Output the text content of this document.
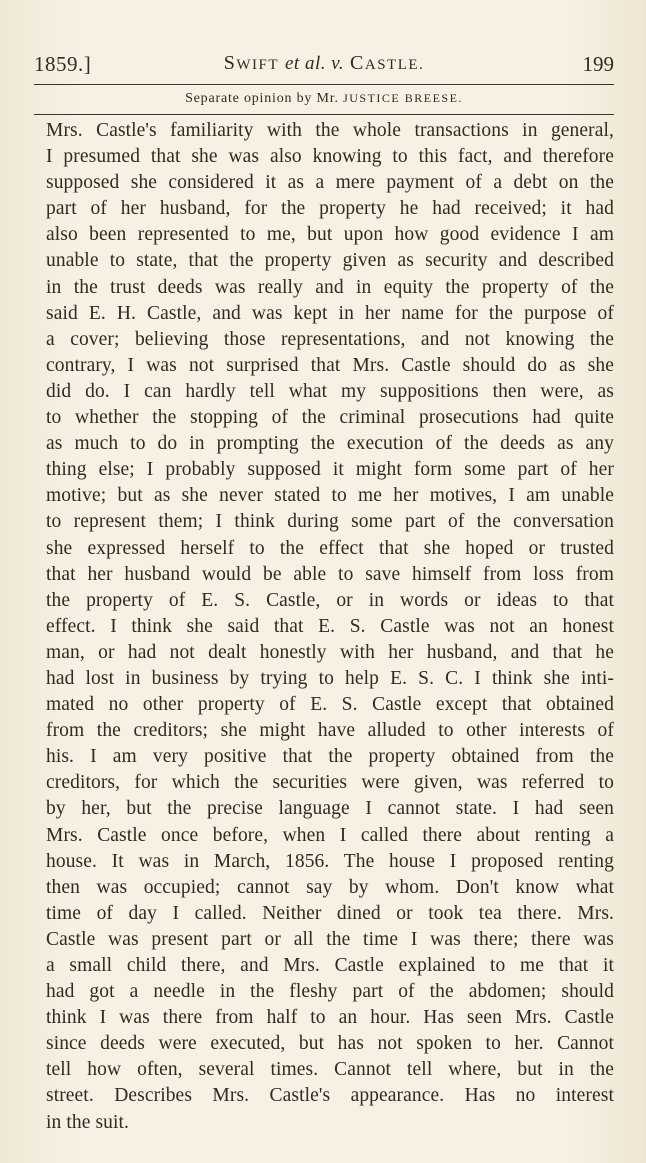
1859.]	SWIFT et al. v. CASTLE.	199
Separate opinion by Mr. JUSTICE BREESE.
Mrs. Castle's familiarity with the whole transactions in general,
I presumed that she was also knowing to this fact, and therefore
supposed she considered it as a mere payment of a debt on the
part of her husband, for the property he had received; it had
also been represented to me, but upon how good evidence I am
unable to state, that the property given as security and described
in the trust deeds was really and in equity the property of the
said E. H. Castle, and was kept in her name for the purpose of
a cover; believing those representations, and not knowing the
contrary, I was not surprised that Mrs. Castle should do as she
did do. I can hardly tell what my suppositions then were, as
to whether the stopping of the criminal prosecutions had quite
as much to do in prompting the execution of the deeds as any
thing else; I probably supposed it might form some part of her
motive; but as she never stated to me her motives, I am unable
to represent them; I think during some part of the conversation
she expressed herself to the effect that she hoped or trusted
that her husband would be able to save himself from loss from
the property of E. S. Castle, or in words or ideas to that
effect. I think she said that E. S. Castle was not an honest
man, or had not dealt honestly with her husband, and that he
had lost in business by trying to help E. S. C. I think she inti-
mated no other property of E. S. Castle except that obtained
from the creditors; she might have alluded to other interests of
his. I am very positive that the property obtained from the
creditors, for which the securities were given, was referred to
by her, but the precise language I cannot state. I had seen
Mrs. Castle once before, when I called there about renting a
house. It was in March, 1856. The house I proposed renting
then was occupied; cannot say by whom. Don't know what
time of day I called. Neither dined or took tea there. Mrs.
Castle was present part or all the time I was there; there was
a small child there, and Mrs. Castle explained to me that it
had got a needle in the fleshy part of the abdomen; should
think I was there from half to an hour. Has seen Mrs. Castle
since deeds were executed, but has not spoken to her. Cannot
tell how often, several times. Cannot tell where, but in the
street. Describes Mrs. Castle's appearance. Has no interest
in the suit.
